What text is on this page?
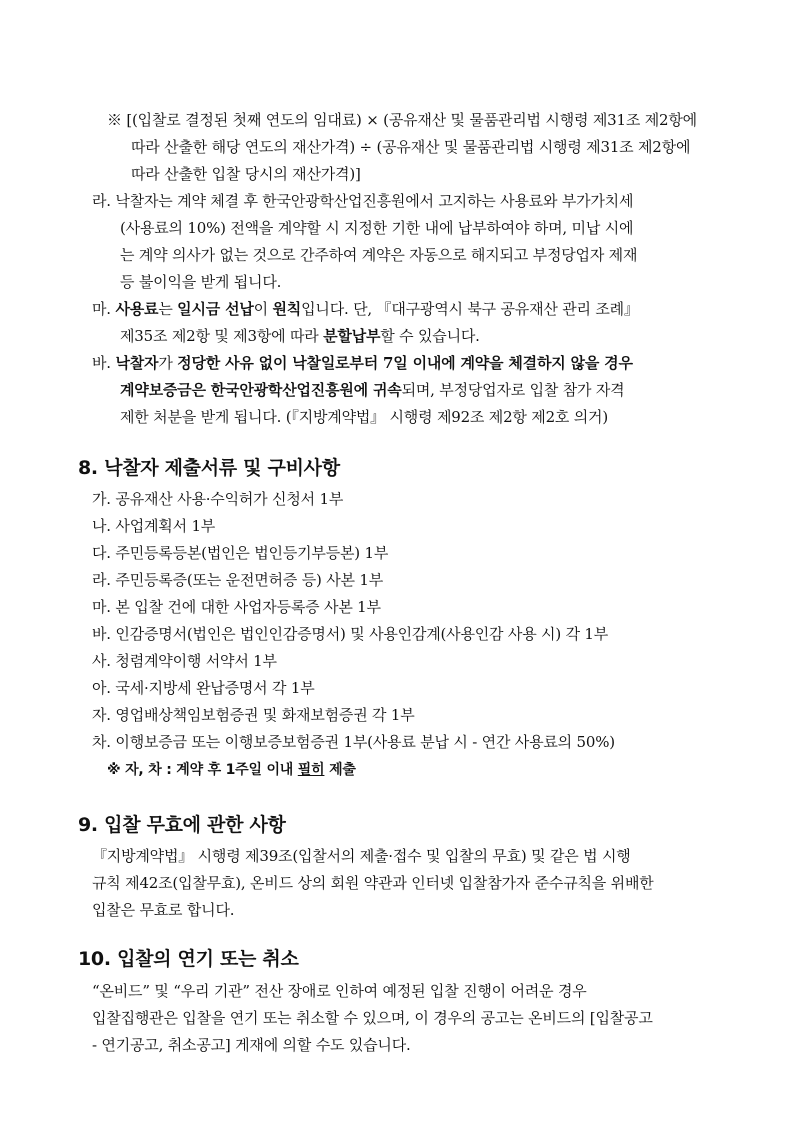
※ [(입찰로 결정된 첫째 연도의 임대료) × (공유재산 및 물품관리법 시행령 제31조 제2항에
따라 산출한 해당 연도의 재산가격) ÷ (공유재산 및 물품관리법 시행령 제31조 제2항에
따라 산출한 입찰 당시의 재산가격)]
라. 낙찰자는 계약 체결 후 한국안광학산업진흥원에서 고지하는 사용료와 부가가치세
(사용료의 10%) 전액을 계약할 시 지정한 기한 내에 납부하여야 하며, 미납 시에
는 계약 의사가 없는 것으로 간주하여 계약은 자동으로 해지되고 부정당업자 제재
등 불이익을 받게 됩니다.
마. 사용료는 일시금 선납이 원칙입니다. 단, 『대구광역시 북구 공유재산 관리 조례』
제35조 제2항 및 제3항에 따라 분할납부할 수 있습니다.
바. 낙찰자가 정당한 사유 없이 낙찰일로부터 7일 이내에 계약을 체결하지 않을 경우
계약보증금은 한국안광학산업진흥원에 귀속되며, 부정당업자로 입찰 참가 자격
제한 처분을 받게 됩니다. (『지방계약법』 시행령 제92조 제2항 제2호 의거)
8. 낙찰자 제출서류 및 구비사항
가. 공유재산 사용·수익허가 신청서 1부
나. 사업계획서 1부
다. 주민등록등본(법인은 법인등기부등본) 1부
라. 주민등록증(또는 운전면허증 등) 사본 1부
마. 본 입찰 건에 대한 사업자등록증 사본 1부
바. 인감증명서(법인은 법인인감증명서) 및 사용인감계(사용인감 사용 시) 각 1부
사. 청렴계약이행 서약서 1부
아. 국세·지방세 완납증명서 각 1부
자. 영업배상책임보험증권 및 화재보험증권 각 1부
차. 이행보증금 또는 이행보증보험증권 1부(사용료 분납 시 - 연간 사용료의 50%)
※ 자, 차 : 계약 후 1주일 이내 필히 제출
9. 입찰 무효에 관한 사항
『지방계약법』 시행령 제39조(입찰서의 제출·접수 및 입찰의 무효) 및 같은 법 시행
규칙 제42조(입찰무효), 온비드 상의 회원 약관과 인터넷 입찰참가자 준수규칙을 위배한
입찰은 무효로 합니다.
10. 입찰의 연기 또는 취소
“온비드” 및 “우리 기관” 전산 장애로 인하여 예정된 입찰 진행이 어려운 경우
입찰집행관은 입찰을 연기 또는 취소할 수 있으며, 이 경우의 공고는 온비드의 [입찰공고
- 연기공고, 취소공고] 게재에 의할 수도 있습니다.
